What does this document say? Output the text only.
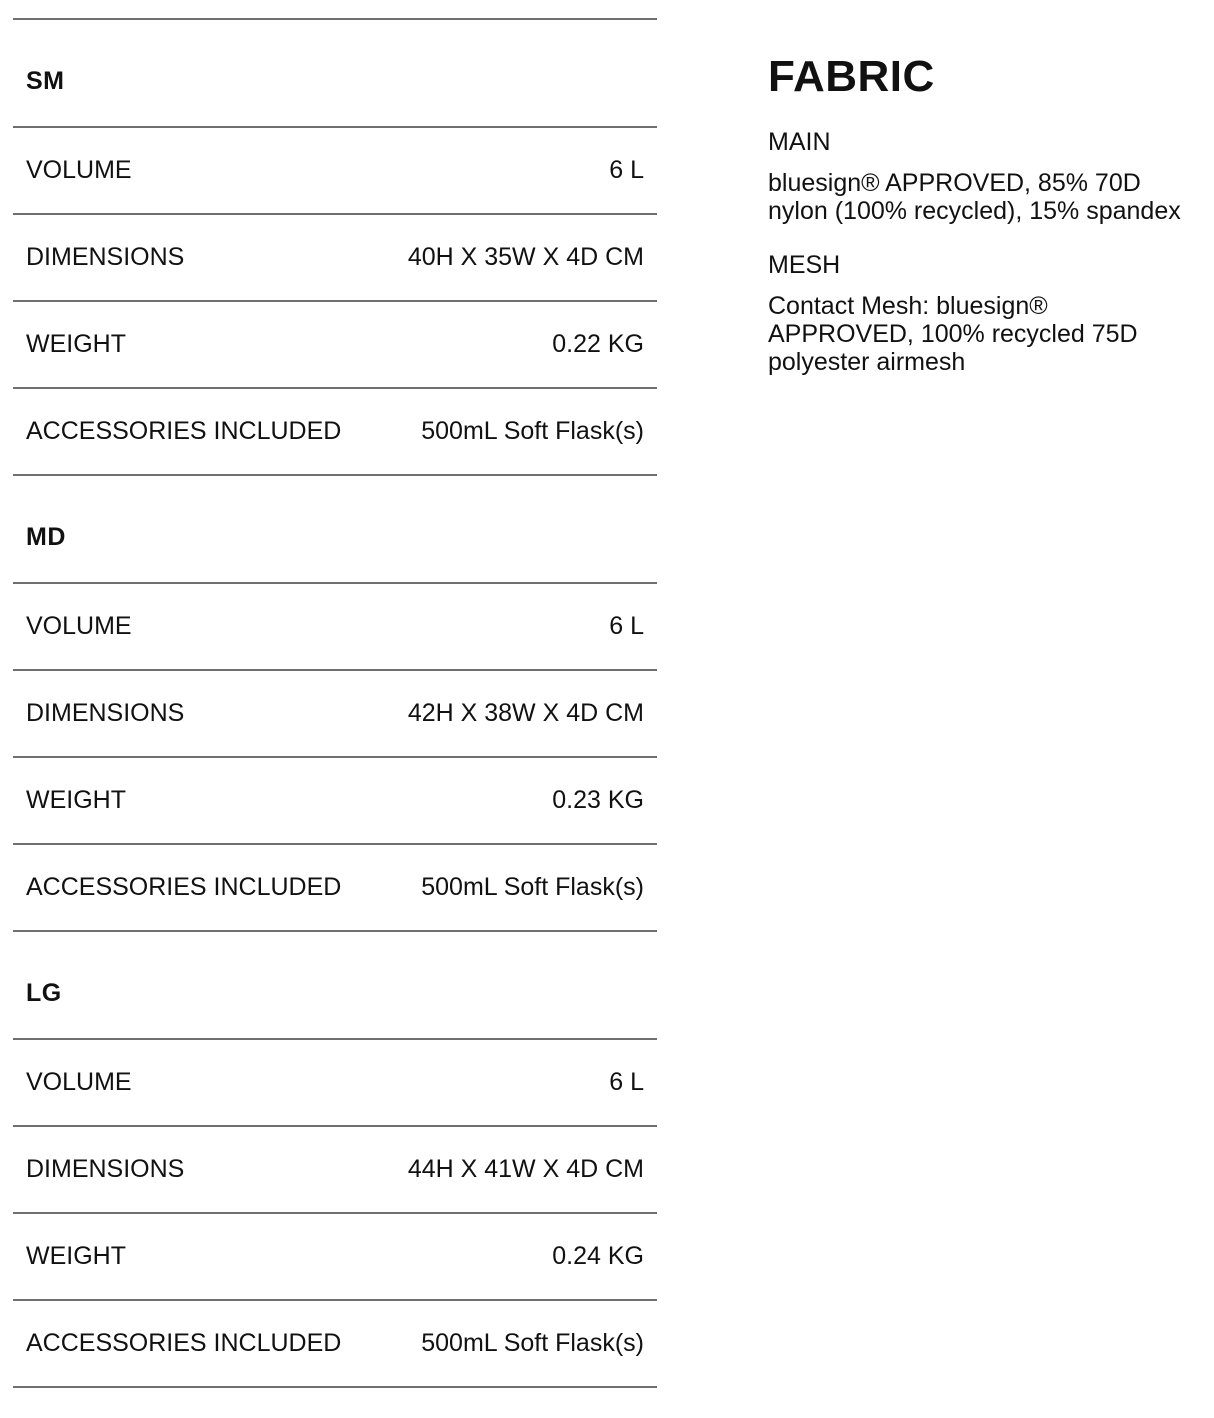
SM
VOLUME	6 L
DIMENSIONS	40H X 35W X 4D CM
WEIGHT	0.22 KG
ACCESSORIES INCLUDED	500mL Soft Flask(s)
MD
VOLUME	6 L
DIMENSIONS	42H X 38W X 4D CM
WEIGHT	0.23 KG
ACCESSORIES INCLUDED	500mL Soft Flask(s)
LG
VOLUME	6 L
DIMENSIONS	44H X 41W X 4D CM
WEIGHT	0.24 KG
ACCESSORIES INCLUDED	500mL Soft Flask(s)
FABRIC
MAIN
bluesign® APPROVED, 85% 70D nylon (100% recycled), 15% spandex
MESH
Contact Mesh: bluesign® APPROVED, 100% recycled 75D polyester airmesh
